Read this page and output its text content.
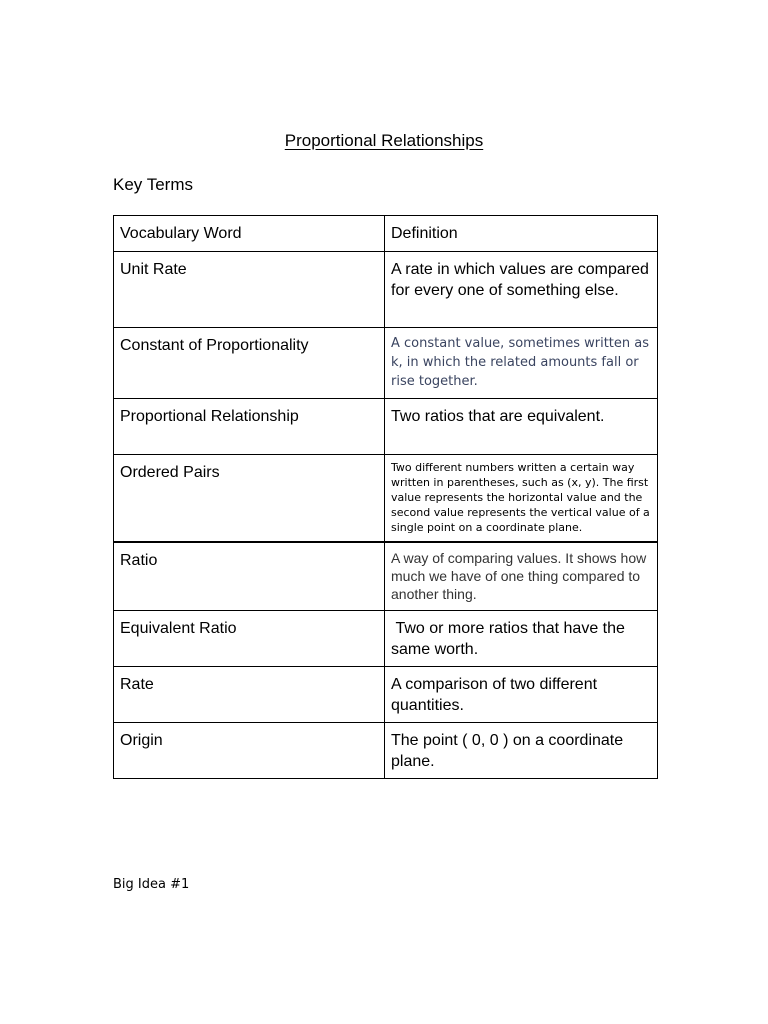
Proportional Relationships
Key Terms
Vocabulary Word	Definition
Unit Rate	A rate in which values are compared for every one of something else.
Constant of Proportionality	A constant value, sometimes written as k, in which the related amounts fall or rise together.

Proportional Relationship	Two ratios that are equivalent.
Ordered Pairs	Two different numbers written a certain way written in parentheses, such as (x, y). The first value represents the horizontal value and the second value represents the vertical value of a single point on a coordinate plane.

Ratio	A way of comparing values. It shows how much we have of one thing compared to another thing.

Equivalent Ratio	Two or more ratios that have the same worth.
Rate	A comparison of two different quantities.
Origin	The point ( 0, 0 ) on a coordinate plane.
Big Idea #1
